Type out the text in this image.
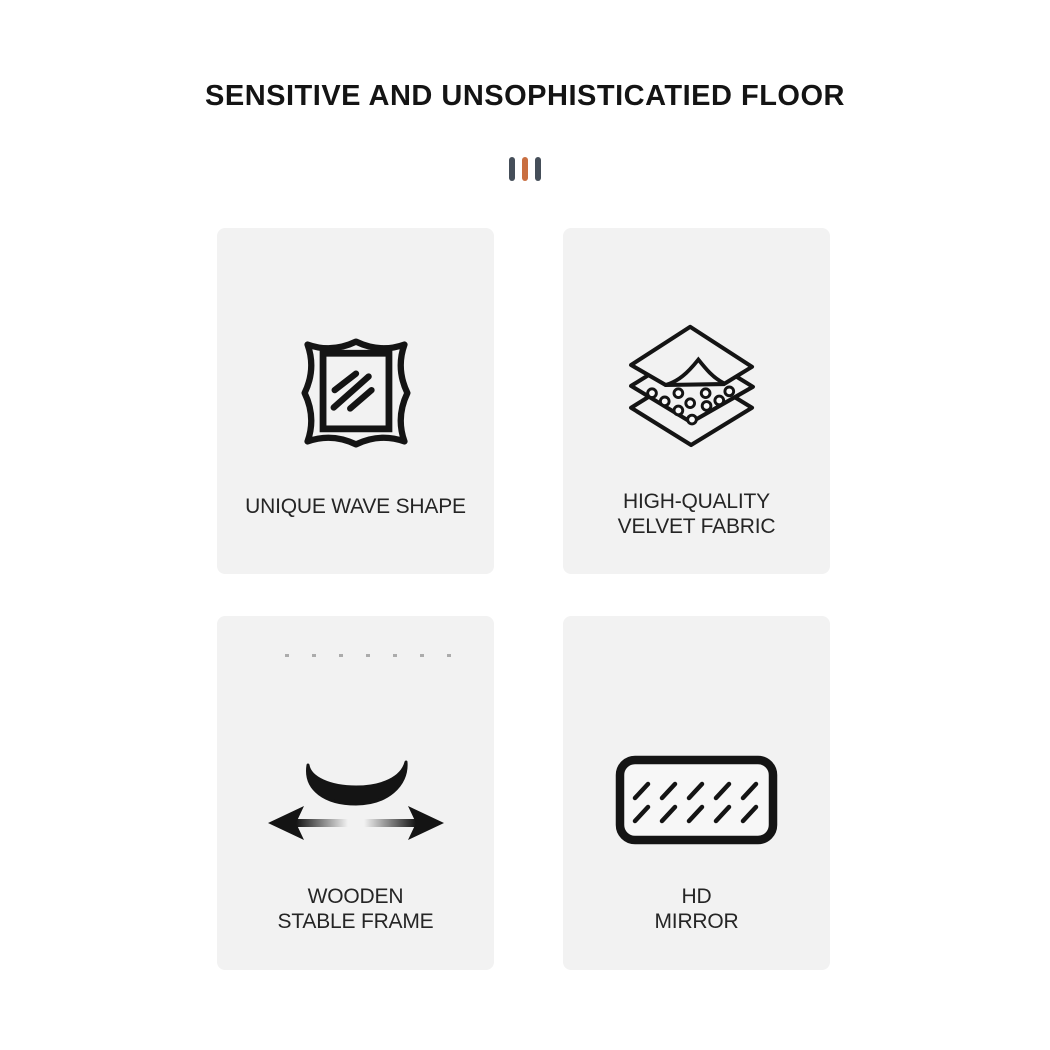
SENSITIVE AND UNSOPHISTICATIED FLOOR
UNIQUE WAVE SHAPE	HIGH-QUALITY
VELVET FABRIC
WOODEN
STABLE FRAME
HD
MIRROR
